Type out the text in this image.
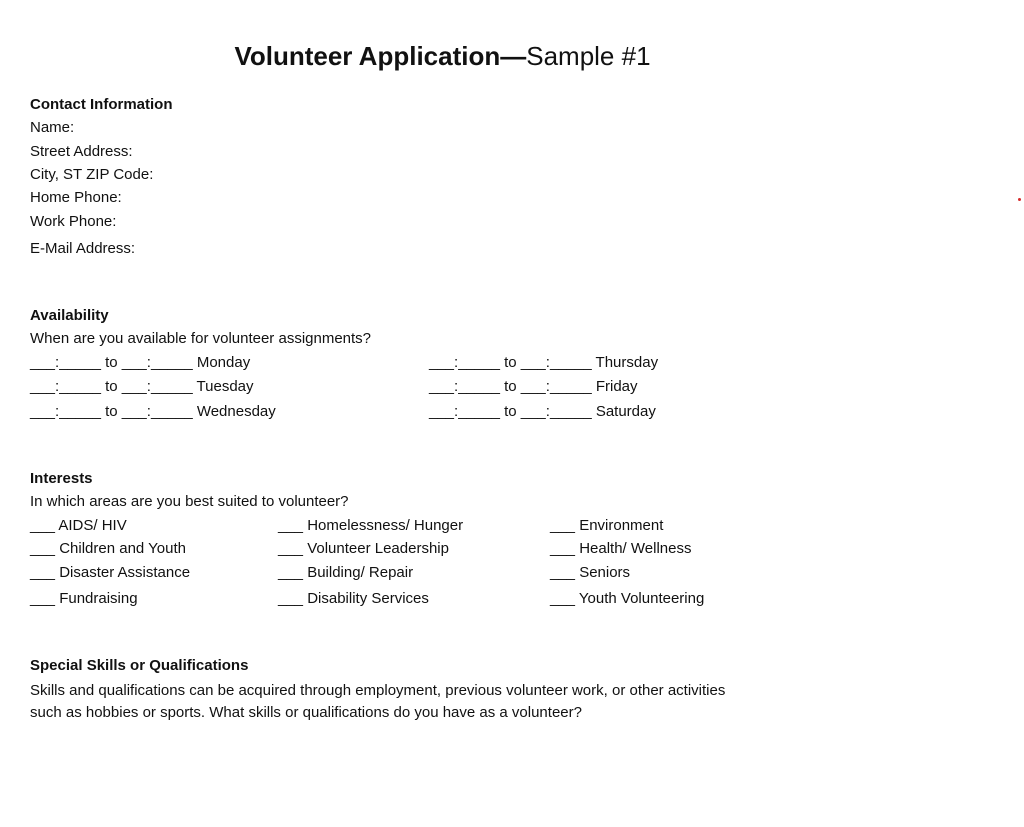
Volunteer Application—Sample #1
Contact Information
Name:
Street Address:
City, ST ZIP Code:
Home Phone:
Work Phone:
E-Mail Address:
Availability
When are you available for volunteer assignments?
___:_____ to ___:_____ Monday
___:_____ to ___:_____ Tuesday
___:_____ to ___:_____ Wednesday
___:_____ to ___:_____ Thursday
___:_____ to ___:_____ Friday
___:_____ to ___:_____ Saturday
Interests
In which areas are you best suited to volunteer?
___ AIDS/ HIV
___ Children and Youth
___ Disaster Assistance
___ Fundraising
___ Homelessness/ Hunger
___ Volunteer Leadership
___ Building/ Repair
___ Disability Services
___ Environment
___ Health/ Wellness
___ Seniors
___ Youth Volunteering
Special Skills or Qualifications
Skills and qualifications can be acquired through employment, previous volunteer work, or other activities such as hobbies or sports. What skills or qualifications do you have as a volunteer?
